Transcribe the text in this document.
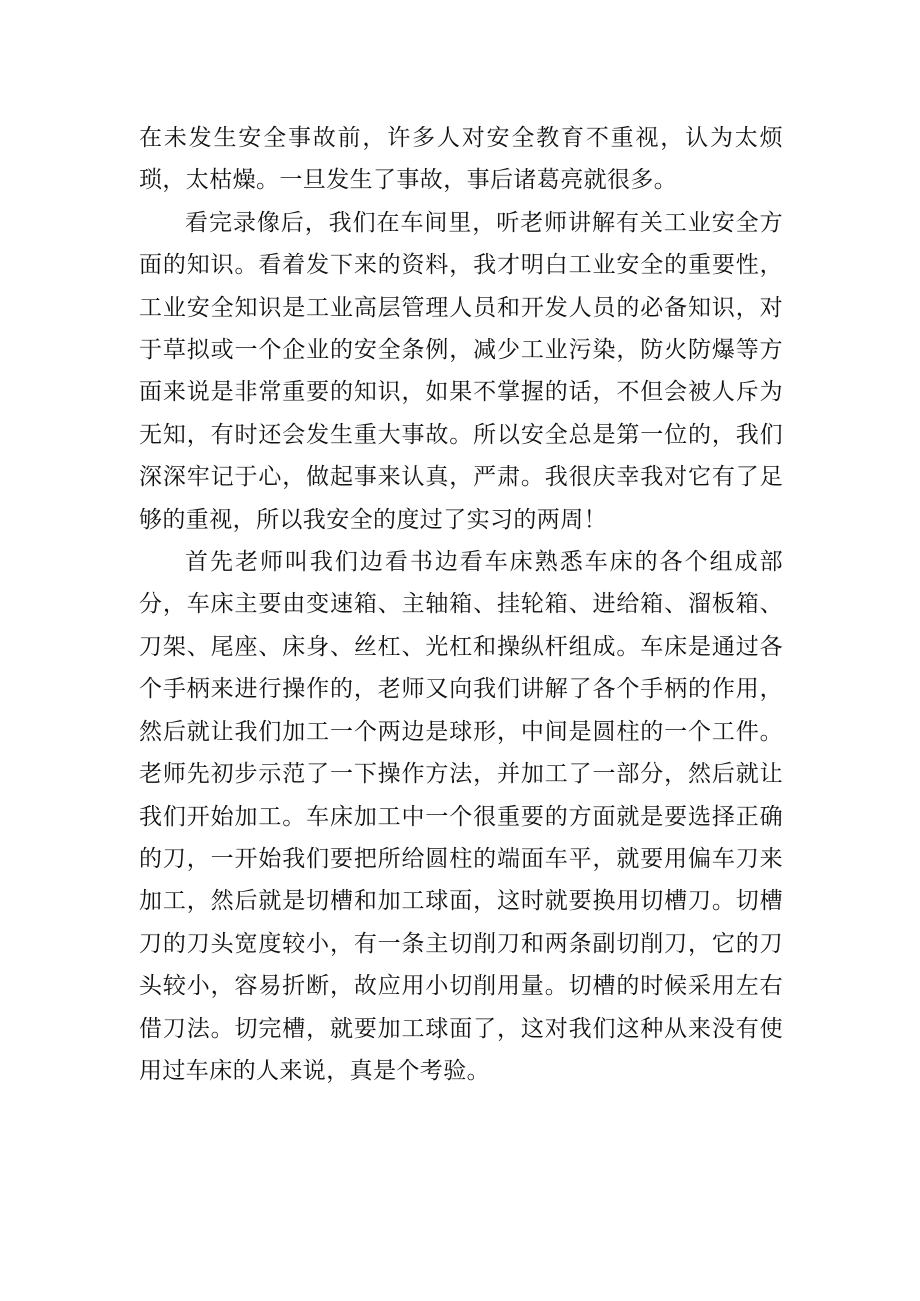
在未发生安全事故前，许多人对安全教育不重视，认为太烦琐，太枯燥。一旦发生了事故，事后诸葛亮就很多。

看完录像后，我们在车间里，听老师讲解有关工业安全方面的知识。看着发下来的资料，我才明白工业安全的重要性，工业安全知识是工业高层管理人员和开发人员的必备知识，对于草拟或一个企业的安全条例，减少工业污染，防火防爆等方面来说是非常重要的知识，如果不掌握的话，不但会被人斥为无知，有时还会发生重大事故。所以安全总是第一位的，我们深深牢记于心，做起事来认真，严肃。我很庆幸我对它有了足够的重视，所以我安全的度过了实习的两周！

首先老师叫我们边看书边看车床熟悉车床的各个组成部分，车床主要由变速箱、主轴箱、挂轮箱、进给箱、溜板箱、刀架、尾座、床身、丝杠、光杠和操纵杆组成。车床是通过各个手柄来进行操作的，老师又向我们讲解了各个手柄的作用，然后就让我们加工一个两边是球形，中间是圆柱的一个工件。老师先初步示范了一下操作方法，并加工了一部分，然后就让我们开始加工。车床加工中一个很重要的方面就是要选择正确的刀，一开始我们要把所给圆柱的端面车平，就要用偏车刀来加工，然后就是切槽和加工球面，这时就要换用切槽刀。切槽刀的刀头宽度较小，有一条主切削刀和两条副切削刀，它的刀头较小，容易折断，故应用小切削用量。切槽的时候采用左右借刀法。切完槽，就要加工球面了，这对我们这种从来没有使用过车床的人来说，真是个考验。
